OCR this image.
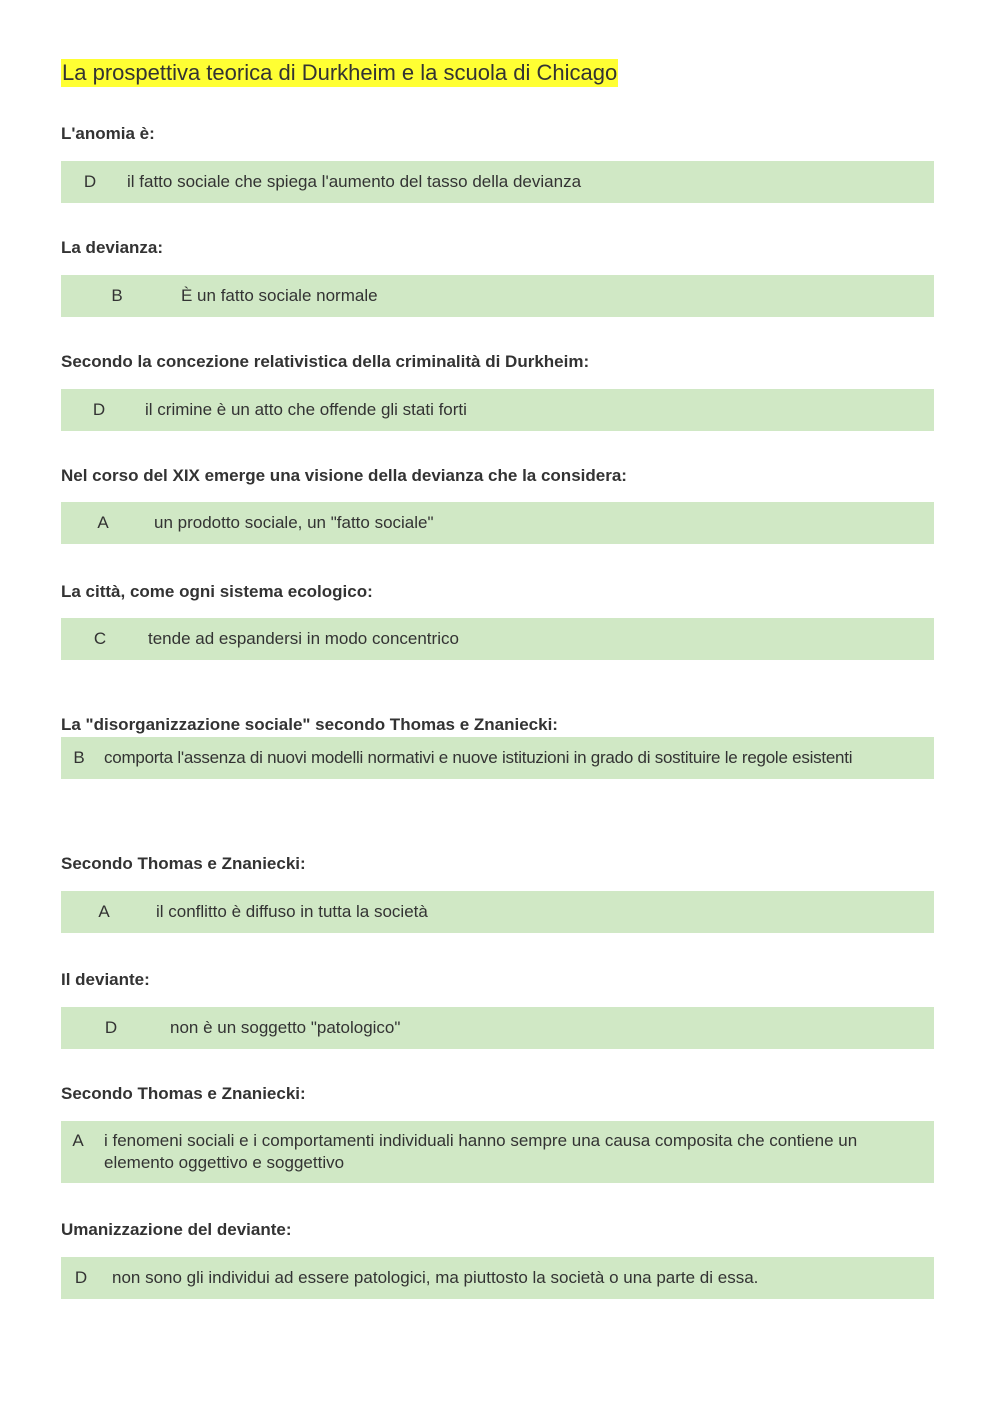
La prospettiva teorica di Durkheim e la scuola di Chicago

L'anomia è:

D	il fatto sociale che spiega l'aumento del tasso della devianza

La devianza:

B	È un fatto sociale normale

Secondo la concezione relativistica della criminalità di Durkheim:

D	il crimine è un atto che offende gli stati forti

Nel corso del XIX emerge una visione della devianza che la considera:

A	un prodotto sociale, un "fatto sociale"

La città, come ogni sistema ecologico:

C	tende ad espandersi in modo concentrico

La "disorganizzazione sociale" secondo Thomas e Znaniecki:

B	comporta l'assenza di nuovi modelli normativi e nuove istituzioni in grado di sostituire le regole esistenti

Secondo Thomas e Znaniecki:

A	il conflitto è diffuso in tutta la società

Il deviante:

D	non è un soggetto "patologico"

Secondo Thomas e Znaniecki:

A	i fenomeni sociali e i comportamenti individuali hanno sempre una causa composita che contiene un elemento oggettivo e soggettivo

Umanizzazione del deviante:

D	non sono gli individui ad essere patologici, ma piuttosto la società o una parte di essa.
